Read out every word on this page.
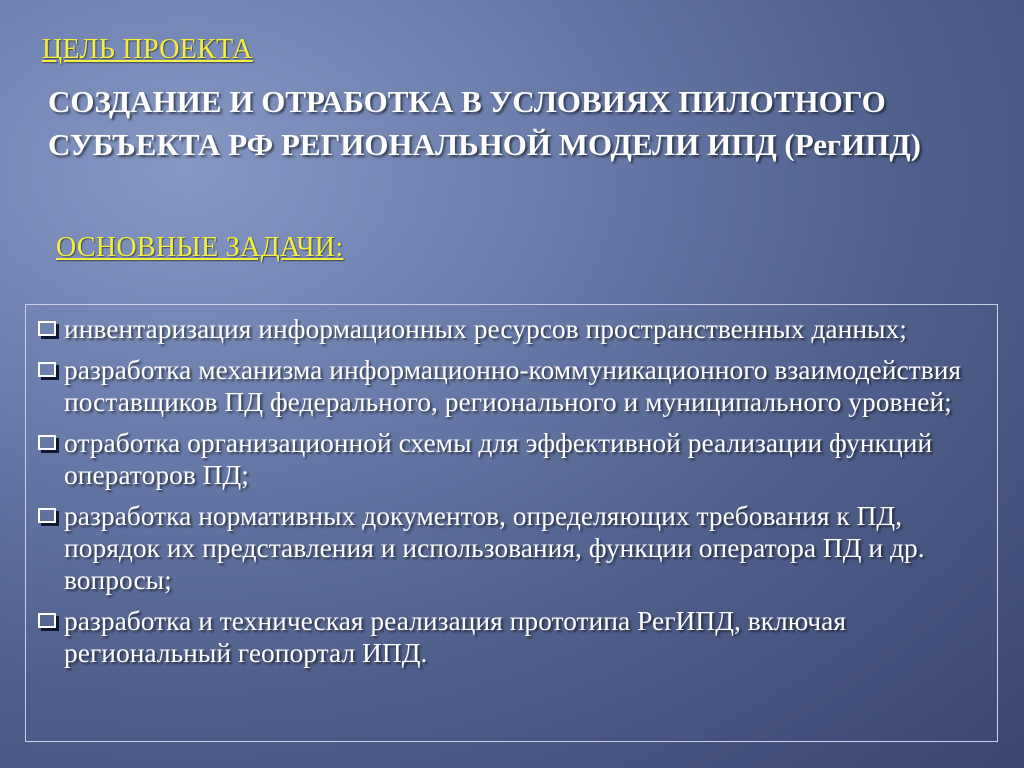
ЦЕЛЬ ПРОЕКТА
СОЗДАНИЕ И ОТРАБОТКА В УСЛОВИЯХ ПИЛОТНОГО СУБЪЕКТА РФ РЕГИОНАЛЬНОЙ МОДЕЛИ ИПД (РегИПД)
ОСНОВНЫЕ ЗАДАЧИ:
инвентаризация информационных ресурсов пространственных данных;
разработка механизма информационно-коммуникационного взаимодействия поставщиков ПД федерального, регионального и муниципального уровней;
отработка организационной схемы для эффективной реализации функций операторов ПД;
разработка нормативных документов, определяющих требования к ПД, порядок их представления и использования, функции оператора ПД и др. вопросы;
разработка и техническая реализация прототипа РегИПД, включая региональный геопортал ИПД.
